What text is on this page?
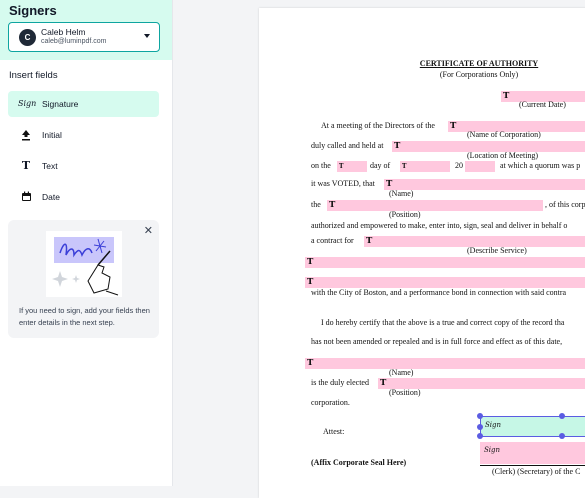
Signers
C
Caleb Helm
caleb@luminpdf.com
Insert fields
Sign Signature
Initial
T	Text
Date
✕
If you need to sign, add your fields then enter details in the next step.
CERTIFICATE OF AUTHORITY
(For Corporations Only)
T
(Current Date)
At a meeting of the Directors of the T
(Name of Corporation)
duly called and held at T
(Location of Meeting)
on the T	day of T	20	at which a quorum was p
it was VOTED, that T
(Name)
the T	, of this corp
(Position)
authorized and empowered to make, enter into, sign, seal and deliver in behalf o
a contract for T
(Describe Service)
T
T
with the City of Boston, and a performance bond in connection with said contra
I do hereby certify that the above is a true and correct copy of the record tha
has not been amended or repealed and is in full force and effect as of this date,
T
(Name)
is the duly elected T
(Position)
corporation.
Attest:
Sign
Sign
(Affix Corporate Seal Here)
(Clerk) (Secretary) of the C
